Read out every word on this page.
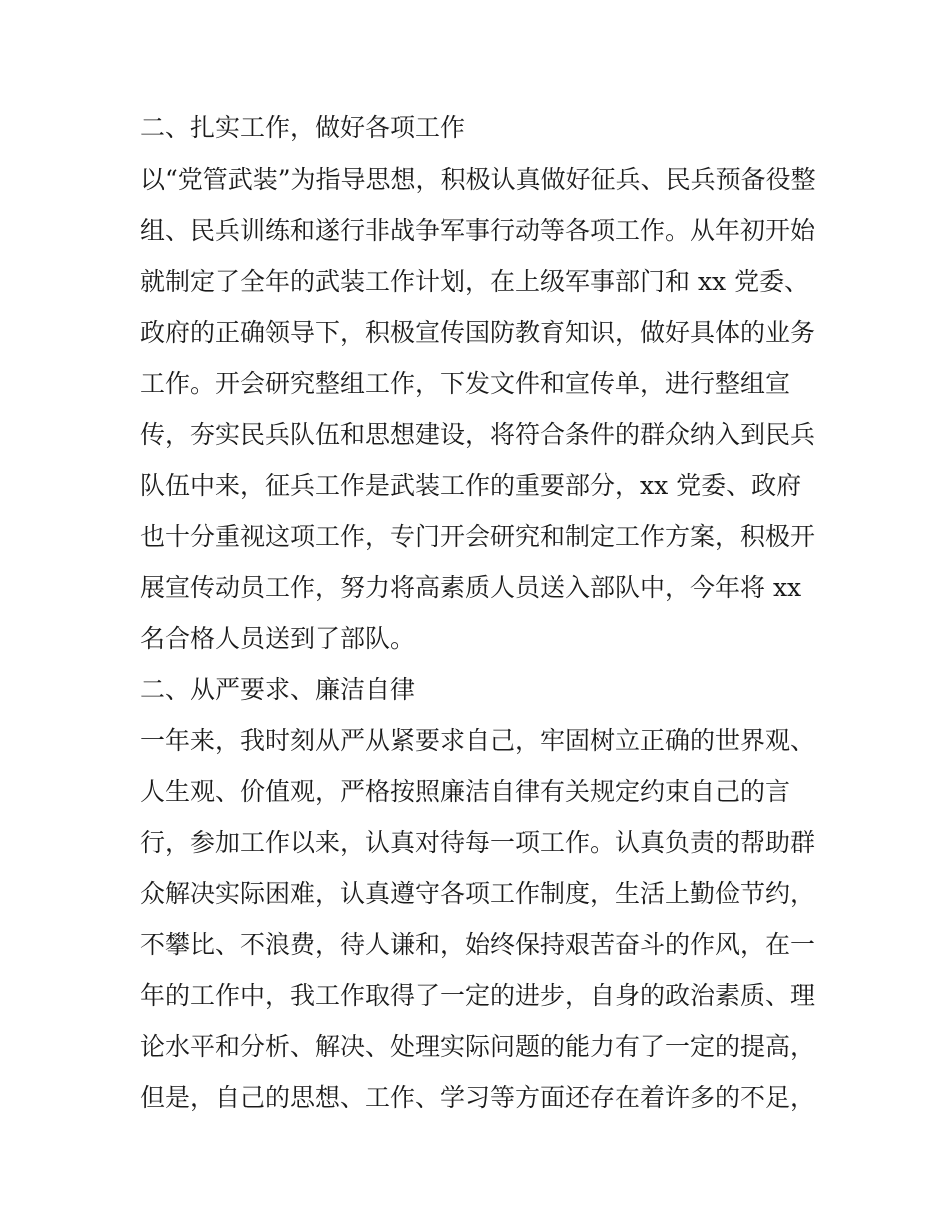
二、扎实工作，做好各项工作
以“党管武装”为指导思想，积极认真做好征兵、民兵预备役整
组、民兵训练和遂行非战争军事行动等各项工作。从年初开始
就制定了全年的武装工作计划，在上级军事部门和 xx 党委、
政府的正确领导下，积极宣传国防教育知识，做好具体的业务
工作。开会研究整组工作，下发文件和宣传单，进行整组宣
传，夯实民兵队伍和思想建设，将符合条件的群众纳入到民兵
队伍中来，征兵工作是武装工作的重要部分，xx 党委、政府
也十分重视这项工作，专门开会研究和制定工作方案，积极开
展宣传动员工作，努力将高素质人员送入部队中，今年将 xx
名合格人员送到了部队。
二、从严要求、廉洁自律
一年来，我时刻从严从紧要求自己，牢固树立正确的世界观、
人生观、价值观，严格按照廉洁自律有关规定约束自己的言
行，参加工作以来，认真对待每一项工作。认真负责的帮助群
众解决实际困难，认真遵守各项工作制度，生活上勤俭节约，
不攀比、不浪费，待人谦和，始终保持艰苦奋斗的作风，在一
年的工作中，我工作取得了一定的进步，自身的政治素质、理
论水平和分析、解决、处理实际问题的能力有了一定的提高，
但是，自己的思想、工作、学习等方面还存在着许多的不足，
